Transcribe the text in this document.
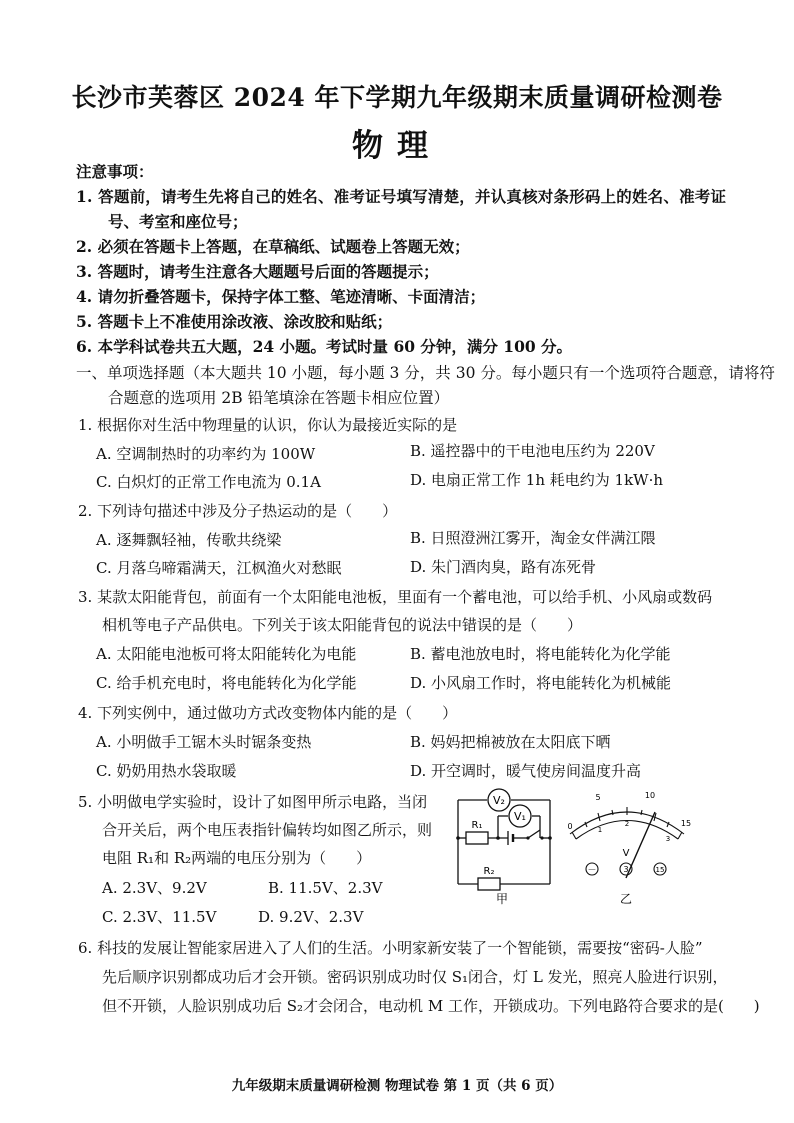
长沙市芙蓉区 2024 年下学期九年级期末质量调研检测卷
物理
注意事项：
1. 答题前，请考生先将自己的姓名、准考证号填写清楚，并认真核对条形码上的姓名、准考证
号、考室和座位号；
2. 必须在答题卡上答题，在草稿纸、试题卷上答题无效；
3. 答题时，请考生注意各大题题号后面的答题提示；
4. 请勿折叠答题卡，保持字体工整、笔迹清晰、卡面清洁；
5. 答题卡上不准使用涂改液、涂改胶和贴纸；
6. 本学科试卷共五大题，24 小题。考试时量 60 分钟，满分 100 分。
一、单项选择题（本大题共 10 小题，每小题 3 分，共 30 分。每小题只有一个选项符合题意，请将符
合题意的选项用 2B 铅笔填涂在答题卡相应位置）
1. 根据你对生活中物理量的认识，你认为最接近实际的是
A. 空调制热时的功率约为 100W	B. 遥控器中的干电池电压约为 220V
C. 白炽灯的正常工作电流为 0.1A	D. 电扇正常工作 1h 耗电约为 1kW·h
2. 下列诗句描述中涉及分子热运动的是（　　）
A. 逐舞飘轻袖，传歌共绕梁	B. 日照澄洲江雾开，淘金女伴满江隈
C. 月落乌啼霜满天，江枫渔火对愁眠	D. 朱门酒肉臭，路有冻死骨
3. 某款太阳能背包，前面有一个太阳能电池板，里面有一个蓄电池，可以给手机、小风扇或数码
相机等电子产品供电。下列关于该太阳能背包的说法中错误的是（　　）
A. 太阳能电池板可将太阳能转化为电能	B. 蓄电池放电时，将电能转化为化学能
C. 给手机充电时，将电能转化为化学能	D. 小风扇工作时，将电能转化为机械能
4. 下列实例中，通过做功方式改变物体内能的是（　　）
A. 小明做手工锯木头时锯条变热	B. 妈妈把棉被放在太阳底下晒
C. 奶奶用热水袋取暖	D. 开空调时，暖气使房间温度升高
5. 小明做电学实验时，设计了如图甲所示电路，当闭
合开关后，两个电压表指针偏转均如图乙所示，则
电阻 R₁和 R₂两端的电压分别为（　　）
A. 2.3V、9.2V	B. 11.5V、2.3V
C. 2.3V、11.5V	D. 9.2V、2.3V
V₂
V₁
R₁
R₂
甲
0
5	10
15
1
2
3
V
－	3	15
乙
6. 科技的发展让智能家居进入了人们的生活。小明家新安装了一个智能锁，需要按“密码-人脸”
先后顺序识别都成功后才会开锁。密码识别成功时仅 S₁闭合，灯 L 发光，照亮人脸进行识别，
但不开锁，人脸识别成功后 S₂才会闭合，电动机 M 工作，开锁成功。下列电路符合要求的是(　　)
九年级期末质量调研检测 物理试卷 第 1 页（共 6 页）
